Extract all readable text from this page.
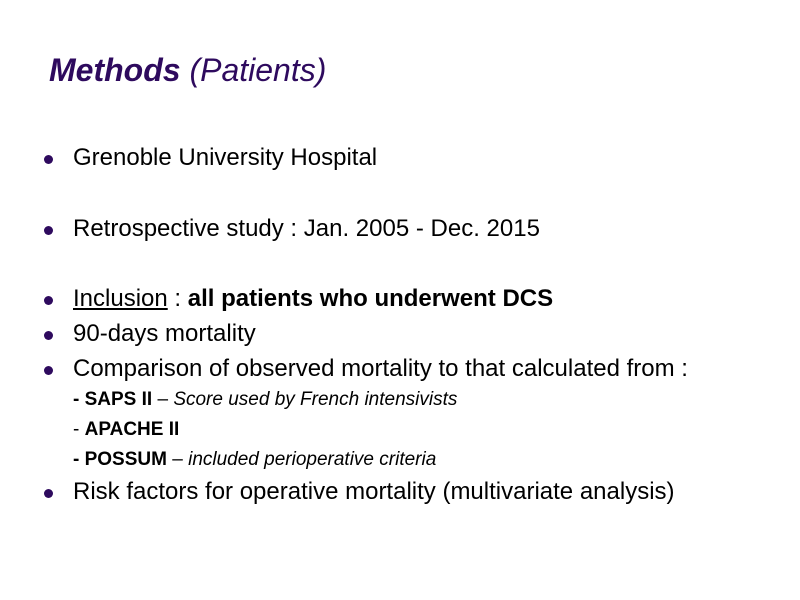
Methods (Patients)
Grenoble University Hospital
Retrospective study : Jan. 2005 - Dec. 2015
Inclusion : all patients who underwent DCS
90-days mortality
Comparison of observed mortality to that calculated from :
- SAPS II – Score used by French intensivists
- APACHE II
- POSSUM – included perioperative criteria
Risk factors for operative mortality (multivariate analysis)
